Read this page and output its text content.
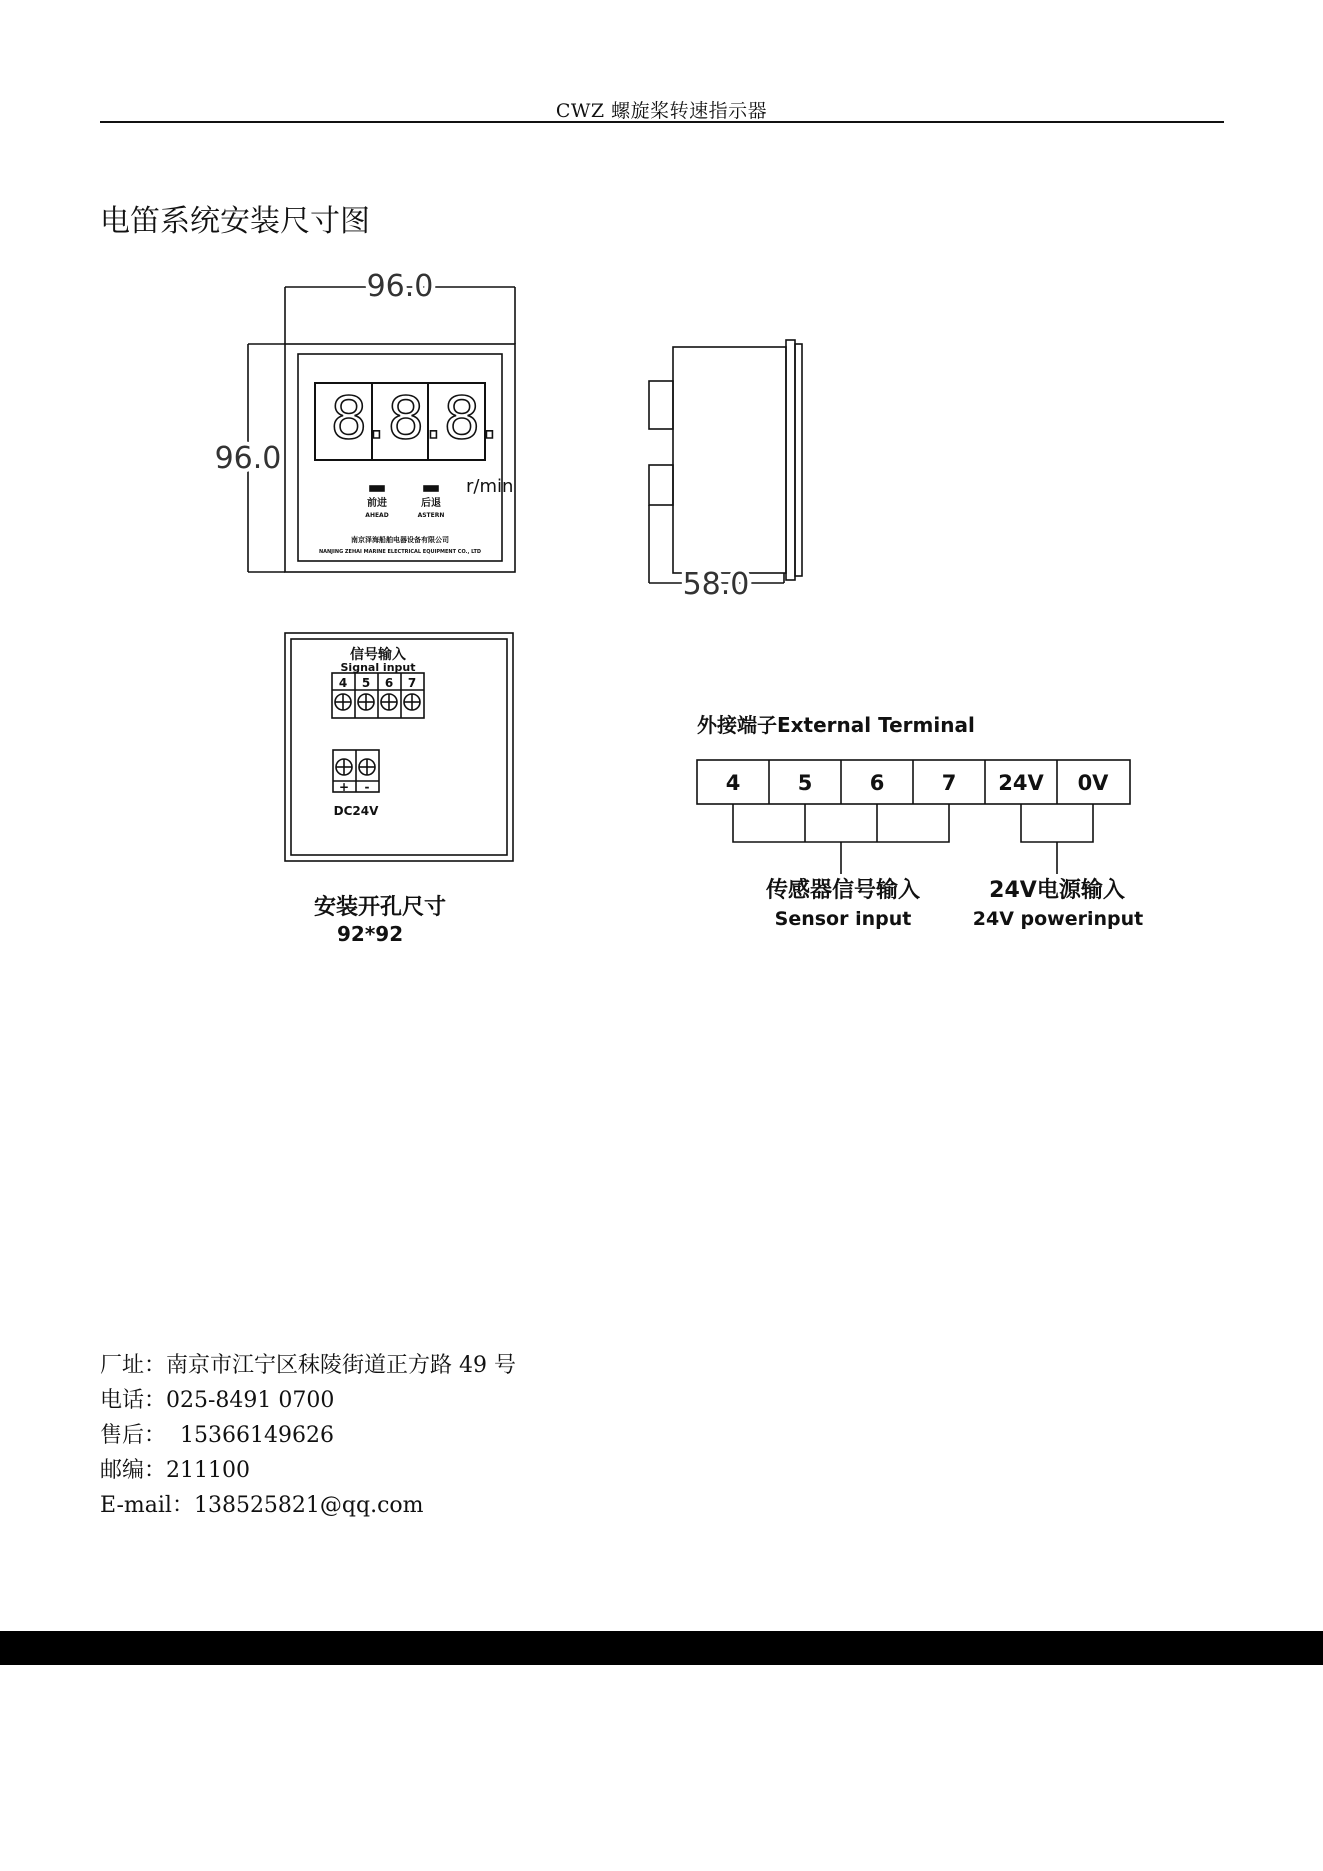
CWZ 螺旋桨转速指示器
电笛系统安装尺寸图
96.0
96.0
8. 8. 8.
r/min
前进
AHEAD
后退
ASTERN
南京泽海船舶电器设备有限公司
NANJING ZEHAI MARINE ELECTRICAL EQUIPMENT CO., LTD
58.0
信号输入
Signal input
4 5 6 7
+ -
DC24V
安装开孔尺寸
92*92
外接端子External Terminal
4	5	6	7 24V 0V
传感器信号输入
Sensor input
24V电源输入
24V powerinput
厂址：南京市江宁区秣陵街道正方路 49 号
电话：025-8491 0700
售后：  15366149626
邮编：211100
E-mail：138525821@qq.com
